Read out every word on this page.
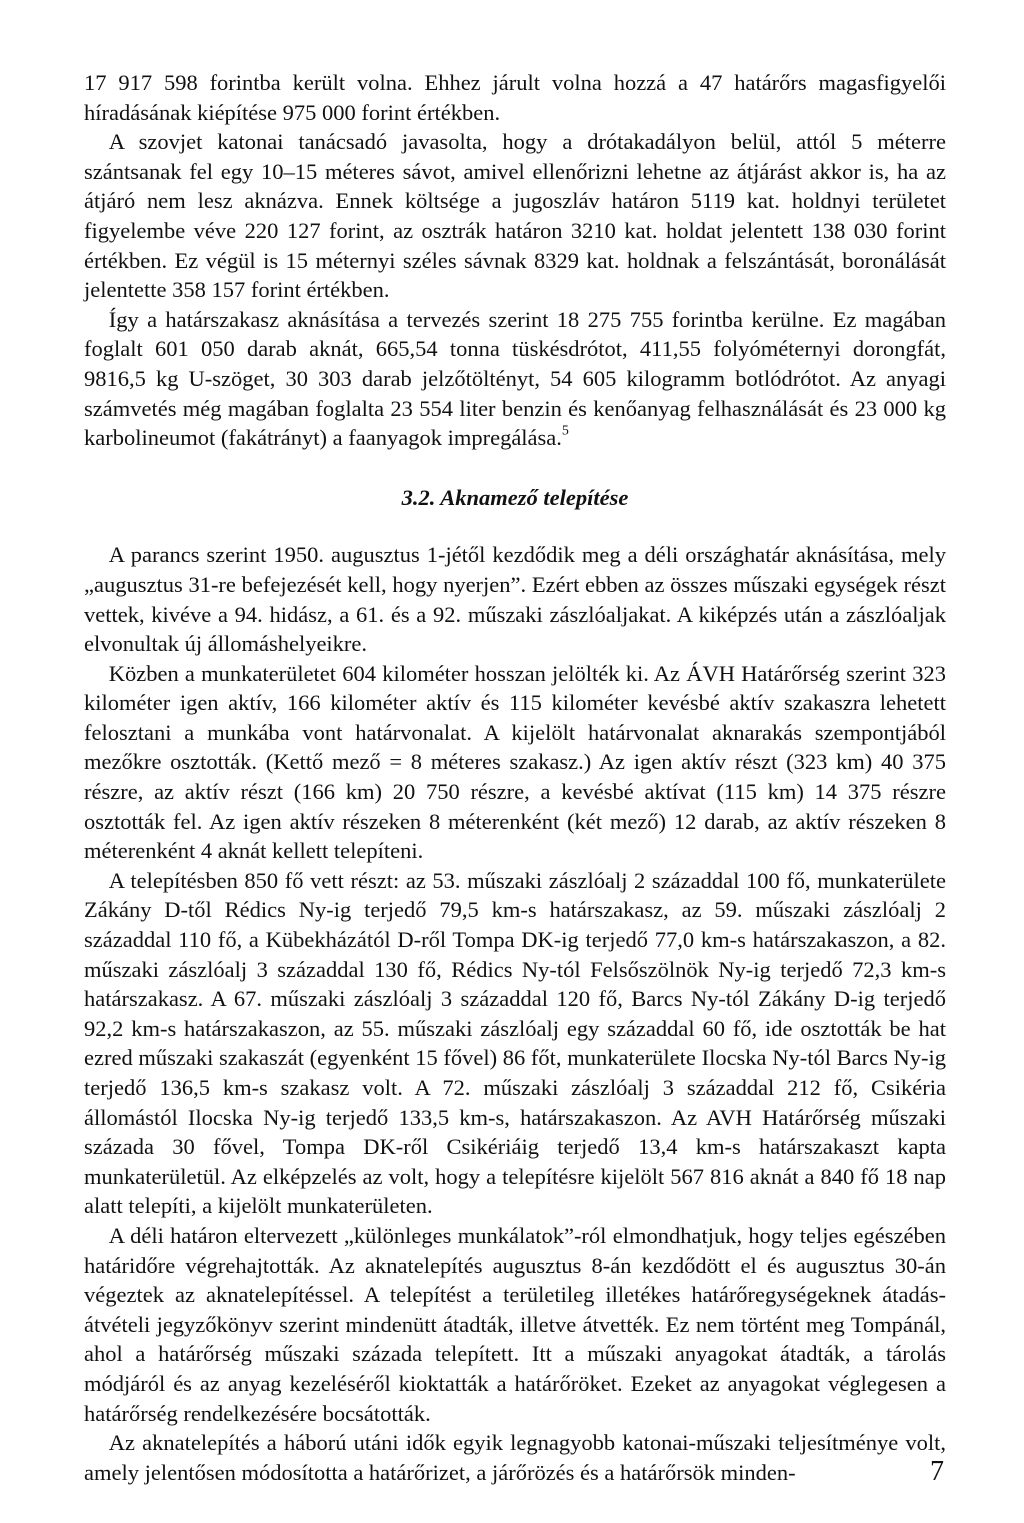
17 917 598 forintba került volna. Ehhez járult volna hozzá a 47 határőrs magasfigyelői híradásának kiépítése 975 000 forint értékben.

A szovjet katonai tanácsadó javasolta, hogy a drótakadályon belül, attól 5 méterre szántsanak fel egy 10–15 méteres sávot, amivel ellenőrizni lehetne az átjárást akkor is, ha az átjáró nem lesz aknázva. Ennek költsége a jugoszláv határon 5119 kat. holdnyi területet figyelembe véve 220 127 forint, az osztrák határon 3210 kat. holdat jelentett 138 030 forint értékben. Ez végül is 15 méternyi széles sávnak 8329 kat. holdnak a felszántását, boronálását jelentette 358 157 forint értékben.

Így a határszakasz aknásítása a tervezés szerint 18 275 755 forintba kerülne. Ez magában foglalt 601 050 darab aknát, 665,54 tonna tüskésdrótot, 411,55 folyóméternyi dorongfát, 9816,5 kg U-szöget, 30 303 darab jelzőtöltényt, 54 605 kilogramm botlódrótot. Az anyagi számvetés még magában foglalta 23 554 liter benzin és kenőanyag felhasználását és 23 000 kg karbolineumot (fakátrányt) a faanyagok impregálása.$^5$

3.2. Aknamező telepítése

A parancs szerint 1950. augusztus 1-jétől kezdődik meg a déli országhatár aknásítása, mely „augusztus 31-re befejezését kell, hogy nyerjen”. Ezért ebben az összes műszaki egységek részt vettek, kivéve a 94. hidász, a 61. és a 92. műszaki zászlóaljakat. A kiképzés után a zászlóaljak elvonultak új állomáshelyeikre.

Közben a munkaterületet 604 kilométer hosszan jelölték ki. Az ÁVH Határőrség szerint 323 kilométer igen aktív, 166 kilométer aktív és 115 kilométer kevésbé aktív szakaszra lehetett felosztani a munkába vont határvonalat. A kijelölt határvonalat aknarakás szempontjából mezőkre osztották. (Kettő mező = 8 méteres szakasz.) Az igen aktív részt (323 km) 40 375 részre, az aktív részt (166 km) 20 750 részre, a kevésbé aktívat (115 km) 14 375 részre osztották fel. Az igen aktív részeken 8 méterenként (két mező) 12 darab, az aktív részeken 8 méterenként 4 aknát kellett telepíteni.

A telepítésben 850 fő vett részt: az 53. műszaki zászlóalj 2 századdal 100 fő, munkaterülete Zákány D-től Rédics Ny-ig terjedő 79,5 km-s határszakasz, az 59. műszaki zászlóalj 2 századdal 110 fő, a Kübekházától D-ről Tompa DK-ig terjedő 77,0 km-s határszakaszon, a 82. műszaki zászlóalj 3 századdal 130 fő, Rédics Ny-tól Felsőszölnök Ny-ig terjedő 72,3 km-s határszakasz. A 67. műszaki zászlóalj 3 századdal 120 fő, Barcs Ny-tól Zákány D-ig terjedő 92,2 km-s határszakaszon, az 55. műszaki zászlóalj egy századdal 60 fő, ide osztották be hat ezred műszaki szakaszát (egyenként 15 fővel) 86 főt, munkaterülete Ilocska Ny-tól Barcs Ny-ig terjedő 136,5 km-s szakasz volt. A 72. műszaki zászlóalj 3 századdal 212 fő, Csikéria állomástól Ilocska Ny-ig terjedő 133,5 km-s, határszakaszon. Az AVH Határőrség műszaki százada 30 fővel, Tompa DK-ről Csikériáig terjedő 13,4 km-s határszakaszt kapta munkaterületül. Az elképzelés az volt, hogy a telepítésre kijelölt 567 816 aknát a 840 fő 18 nap alatt telepíti, a kijelölt munkaterületen.

A déli határon eltervezett „különleges munkálatok”-ról elmondhatjuk, hogy teljes egészében határidőre végrehajtották. Az aknatelepítés augusztus 8-án kezdődött el és augusztus 30-án végeztek az aknatelepítéssel. A telepítést a területileg illetékes határőregységeknek átadás-átvételi jegyzőkönyv szerint mindenütt átadták, illetve átvették. Ez nem történt meg Tompánál, ahol a határőrség műszaki százada telepített. Itt a műszaki anyagokat átadták, a tárolás módjáról és az anyag kezeléséről kioktatták a határőröket. Ezeket az anyagokat véglegesen a határőrség rendelkezésére bocsátották.

Az aknatelepítés a háború utáni idők egyik legnagyobb katonai-műszaki teljesítménye volt, amely jelentősen módosította a határőrizet, a járőrözés és a határőrsök minden-	7
